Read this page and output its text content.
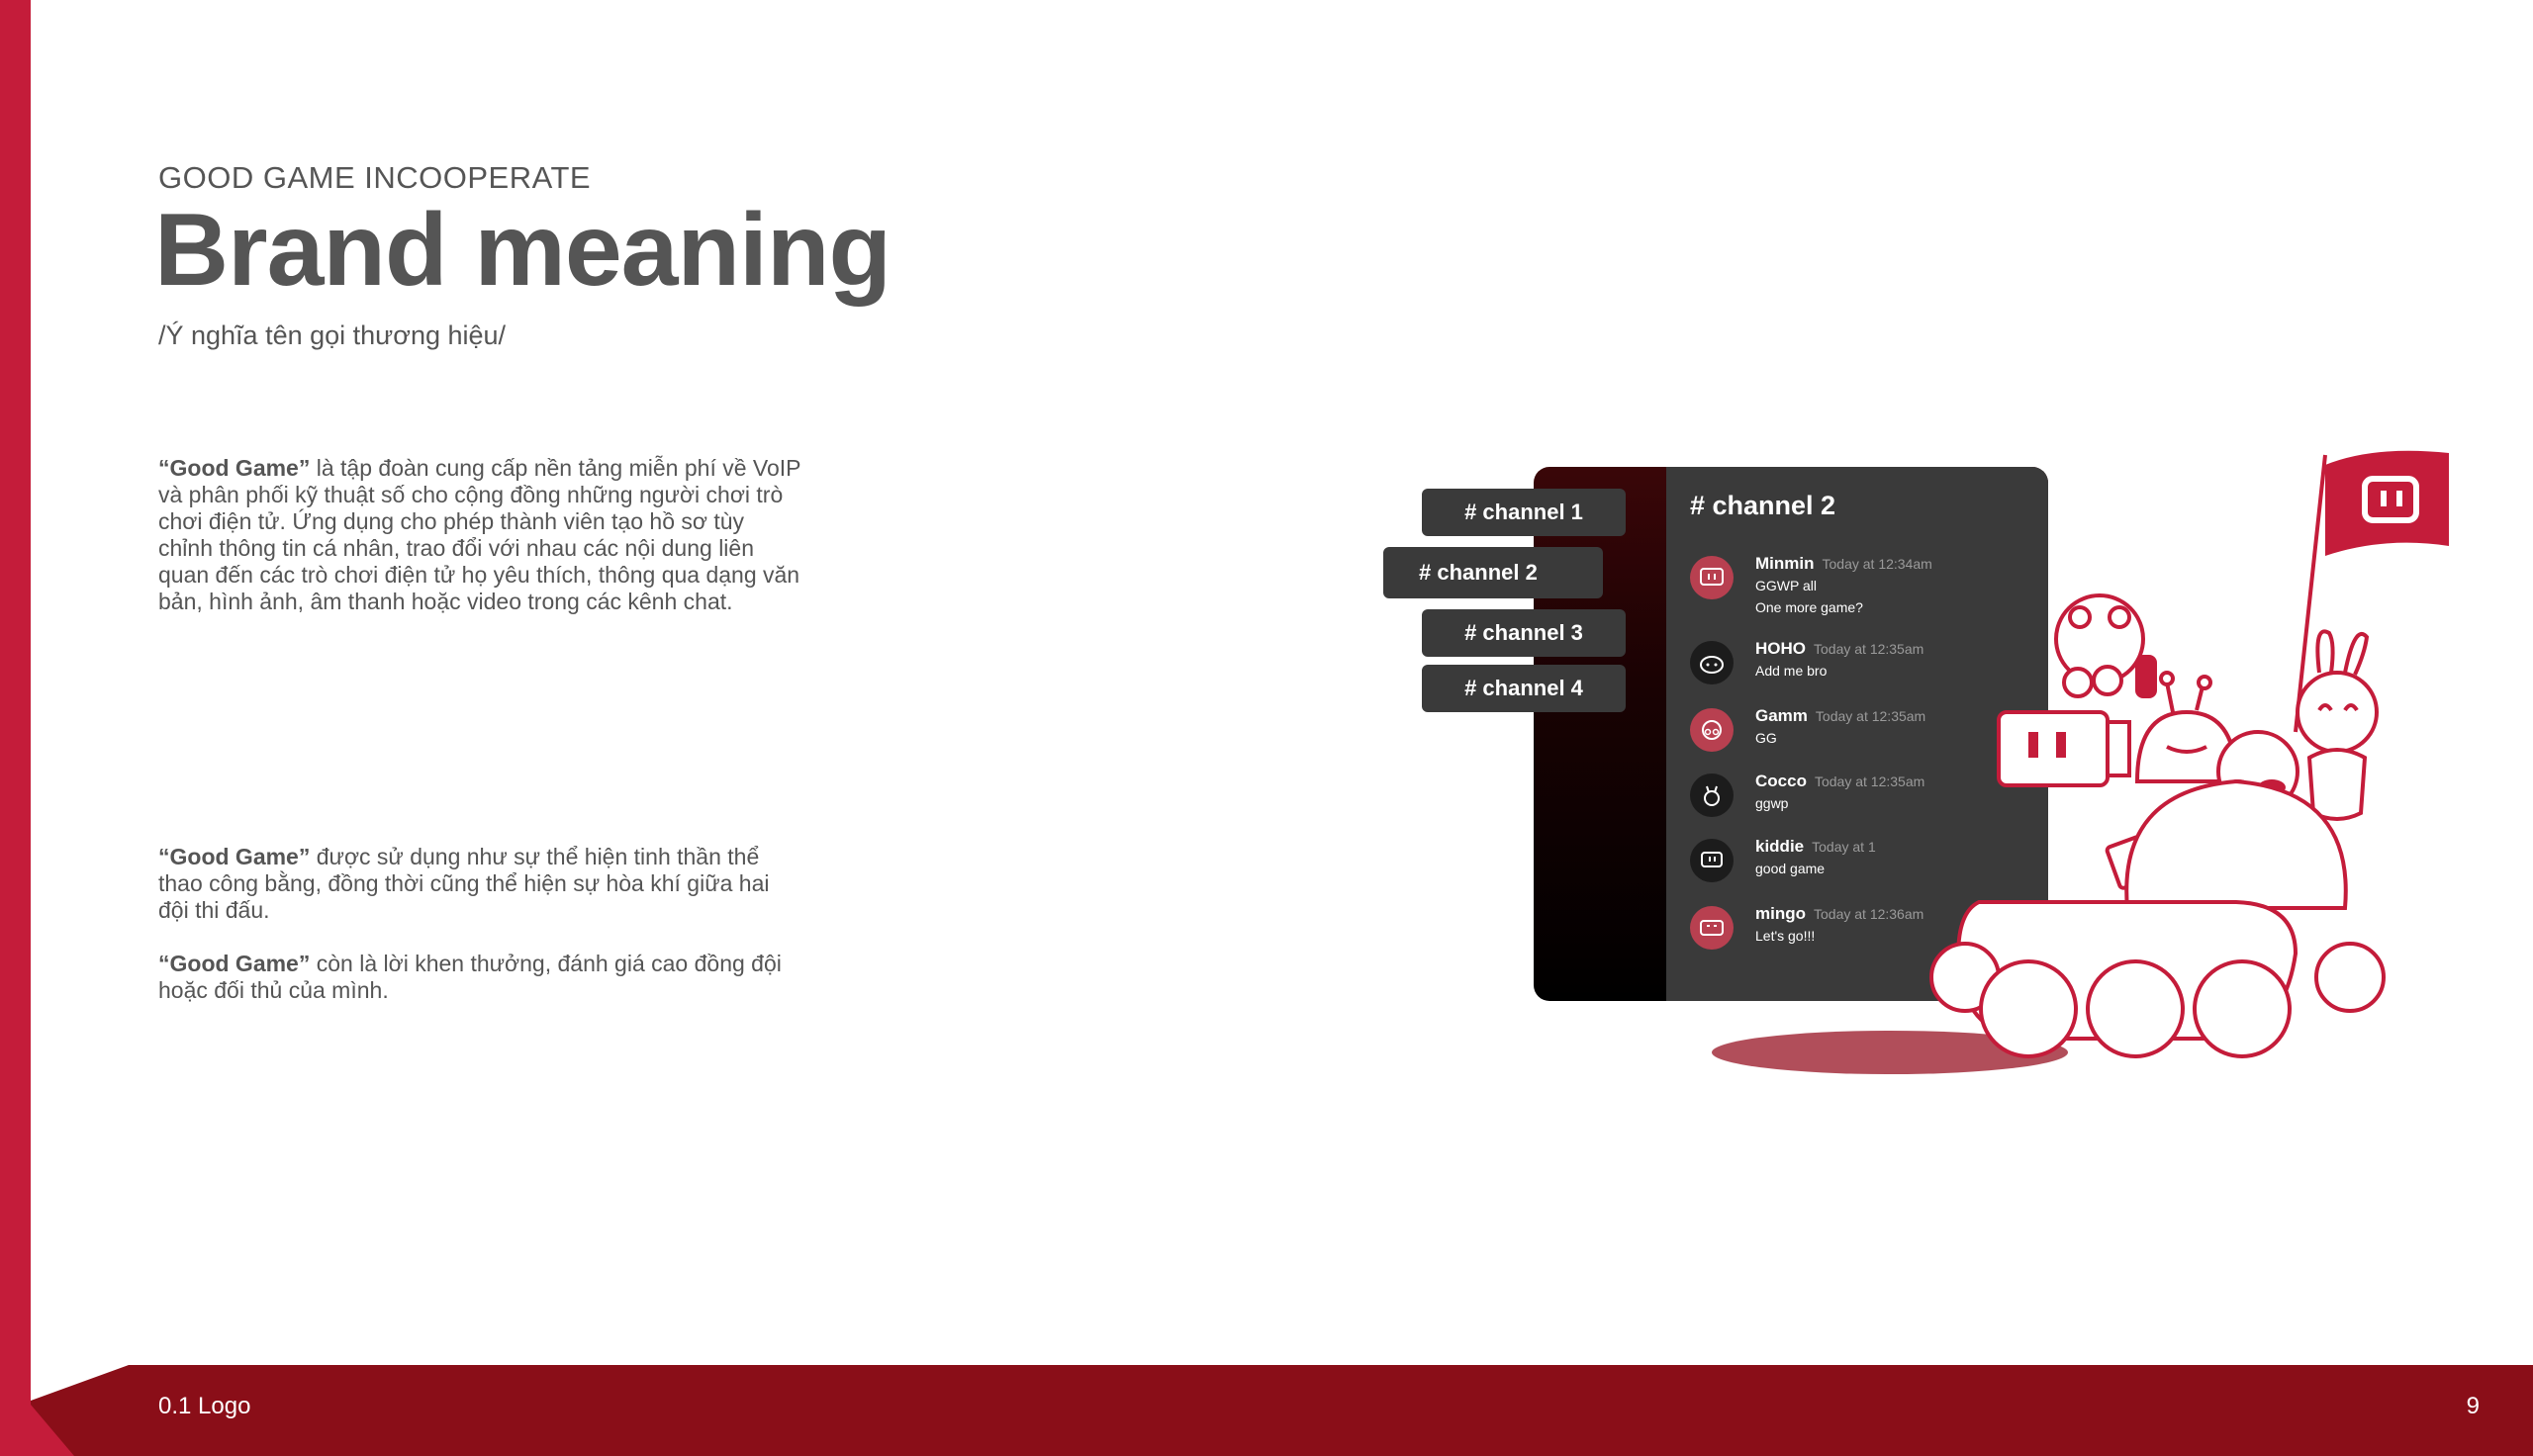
GOOD GAME INCOOPERATE
Brand meaning
/Ý nghĩa tên gọi thương hiệu/

“Good Game” là tập đoàn cung cấp nền tảng miễn phí về VoIP và phân phối kỹ thuật số cho cộng đồng những người chơi trò chơi điện tử. Ứng dụng cho phép thành viên tạo hồ sơ tùy chỉnh thông tin cá nhân, trao đổi với nhau các nội dung liên quan đến các trò chơi điện tử họ yêu thích, thông qua dạng văn bản, hình ảnh, âm thanh hoặc video trong các kênh chat.

“Good Game” được sử dụng như sự thể hiện tinh thần thể thao công bằng, đồng thời cũng thể hiện sự hòa khí giữa hai đội thi đấu.

“Good Game” còn là lời khen thưởng, đánh giá cao đồng đội hoặc đối thủ của mình.

# channel 2
# channel 1
# channel 2
# channel 3
# channel 4
Minmin Today at 12:34am
GGWP all
One more game?
HOHO Today at 12:35am
Add me bro
Gamm Today at 12:35am
GG
Cocco Today at 12:35am
ggwp
kiddie Today at 1
good game
mingo Today at 12:36am
Let's go!!!
0.1 Logo	9
